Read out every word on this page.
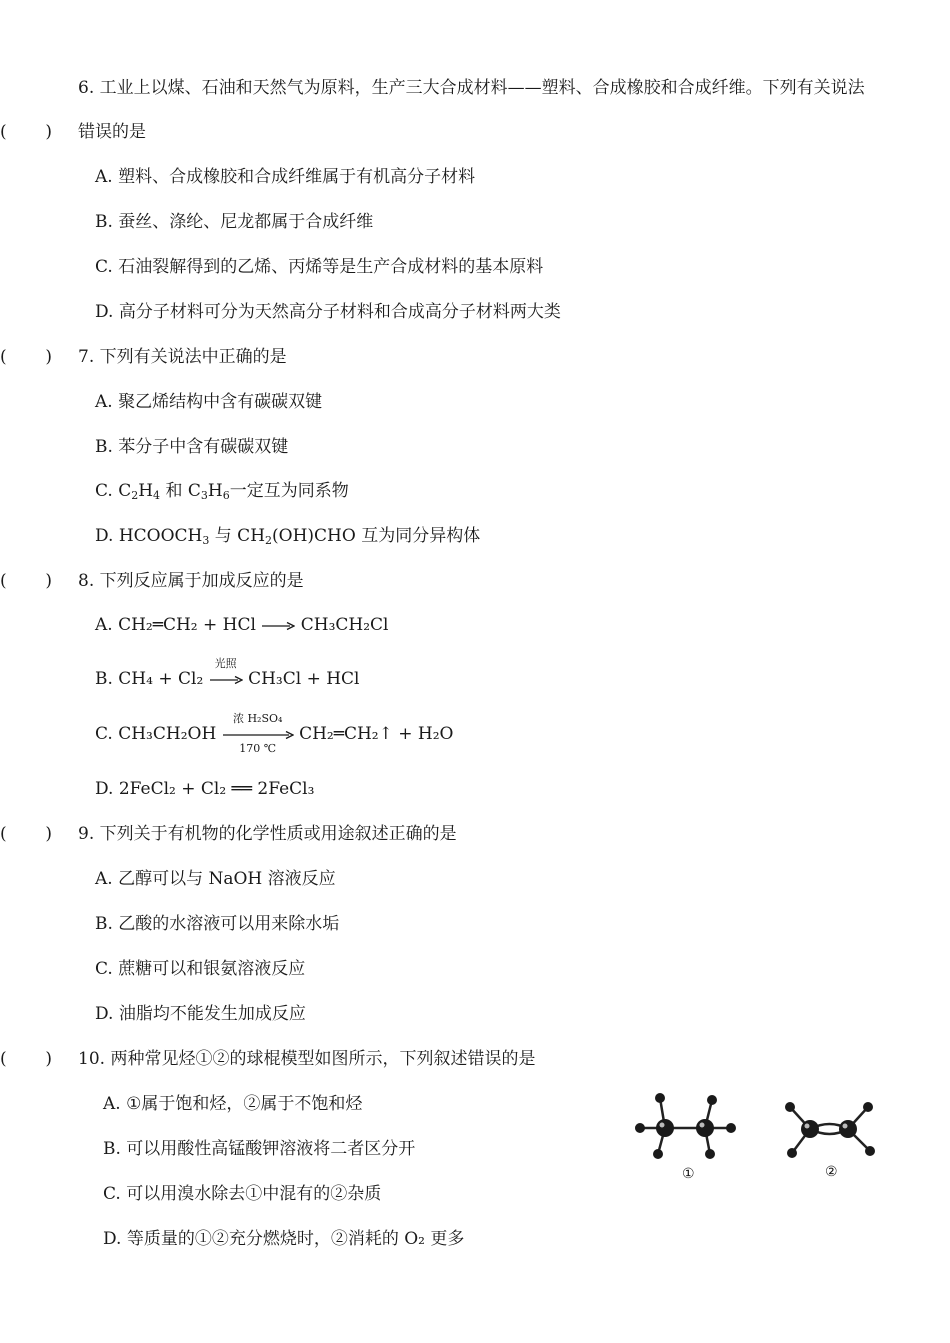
6. 工业上以煤、石油和天然气为原料，生产三大合成材料——塑料、合成橡胶和合成纤维。下列有关说法
错误的是
( )
A. 塑料、合成橡胶和合成纤维属于有机高分子材料
B. 蚕丝、涤纶、尼龙都属于合成纤维
C. 石油裂解得到的乙烯、丙烯等是生产合成材料的基本原料
D. 高分子材料可分为天然高分子材料和合成高分子材料两大类
7. 下列有关说法中正确的是
( )
A. 聚乙烯结构中含有碳碳双键
B. 苯分子中含有碳碳双键
C. $C_2H_4$ 和 $C_3H_6$一定互为同系物
D. $HCOOCH_3$ 与 $CH_2(OH)CHO$ 互为同分异构体
8. 下列反应属于加成反应的是
( )
A. CH₂═CH₂ + HCl → CH₃CH₂Cl
B. CH₄ + Cl₂
光照
CH₃Cl + HCl
C. CH₃CH₂OH
浓 H₂SO₄
170 ℃
CH₂═CH₂↑ + H₂O
D. 2FeCl₂ + Cl₂ ══ 2FeCl₃
9. 下列关于有机物的化学性质或用途叙述正确的是
( )
A. 乙醇可以与 NaOH 溶液反应
B. 乙酸的水溶液可以用来除水垢
C. 蔗糖可以和银氨溶液反应
D. 油脂均不能发生加成反应
10. 两种常见烃①②的球棍模型如图所示，下列叙述错误的是
( )
A. ①属于饱和烃，②属于不饱和烃
B. 可以用酸性高锰酸钾溶液将二者区分开
C. 可以用溴水除去①中混有的②杂质
D. 等质量的①②充分燃烧时，②消耗的 O₂ 更多
①	②
